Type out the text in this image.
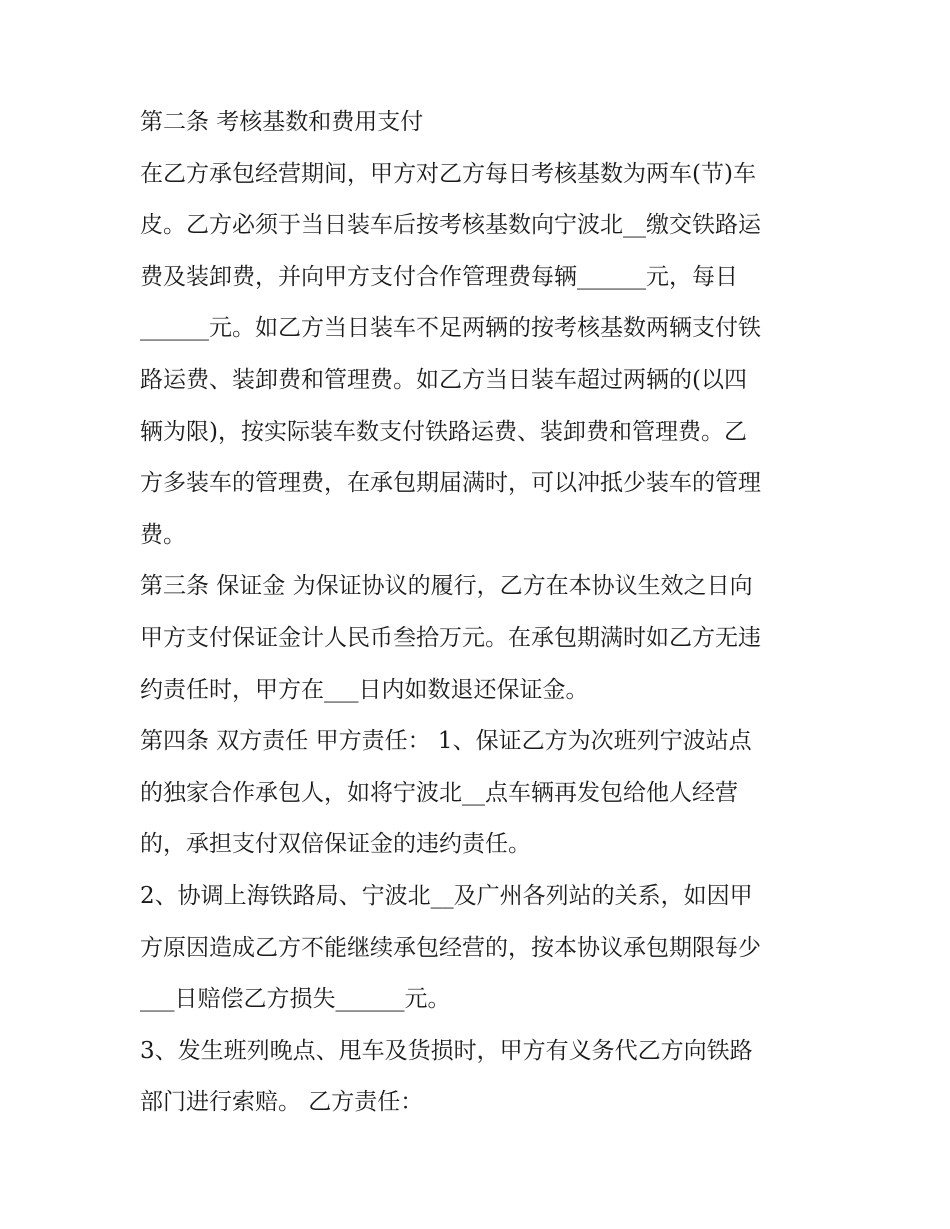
第二条 考核基数和费用支付
在乙方承包经营期间，甲方对乙方每日考核基数为两车(节)车
皮。乙方必须于当日装车后按考核基数向宁波北__缴交铁路运
费及装卸费，并向甲方支付合作管理费每辆______元，每日
______元。如乙方当日装车不足两辆的按考核基数两辆支付铁
路运费、装卸费和管理费。如乙方当日装车超过两辆的(以四
辆为限)，按实际装车数支付铁路运费、装卸费和管理费。乙
方多装车的管理费，在承包期届满时，可以冲抵少装车的管理
费。
第三条 保证金 为保证协议的履行，乙方在本协议生效之日向
甲方支付保证金计人民币叁拾万元。在承包期满时如乙方无违
约责任时，甲方在___日内如数退还保证金。
第四条 双方责任 甲方责任： 1、保证乙方为次班列宁波站点
的独家合作承包人，如将宁波北__点车辆再发包给他人经营
的，承担支付双倍保证金的违约责任。
2、协调上海铁路局、宁波北__及广州各列站的关系，如因甲
方原因造成乙方不能继续承包经营的，按本协议承包期限每少
___日赔偿乙方损失______元。
3、发生班列晚点、甩车及货损时，甲方有义务代乙方向铁路
部门进行索赔。 乙方责任：
